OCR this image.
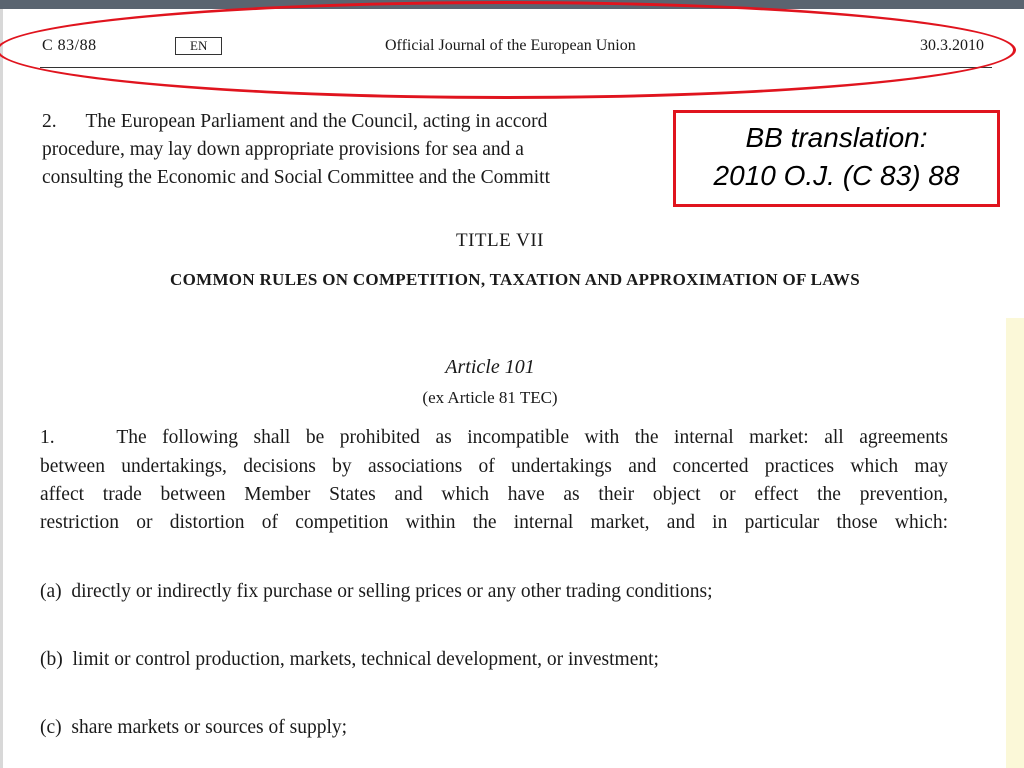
C 83/88	EN	Official Journal of the European Union	30.3.2010
2.      The European Parliament and the Council, acting in accord
procedure, may lay down appropriate provisions for sea and a
consulting the Economic and Social Committee and the Committ
BB translation:
2010 O.J. (C 83) 88
TITLE VII
COMMON RULES ON COMPETITION, TAXATION AND APPROXIMATION OF LAWS
Article 101
(ex Article 81 TEC)
1.    The following shall be prohibited as incompatible with the internal market: all agreements
between undertakings, decisions by associations of undertakings and concerted practices which may
affect trade between Member States and which have as their object or effect the prevention,
restriction or distortion of competition within the internal market, and in particular those which:
(a)  directly or indirectly fix purchase or selling prices or any other trading conditions;
(b)  limit or control production, markets, technical development, or investment;
(c)  share markets or sources of supply;
